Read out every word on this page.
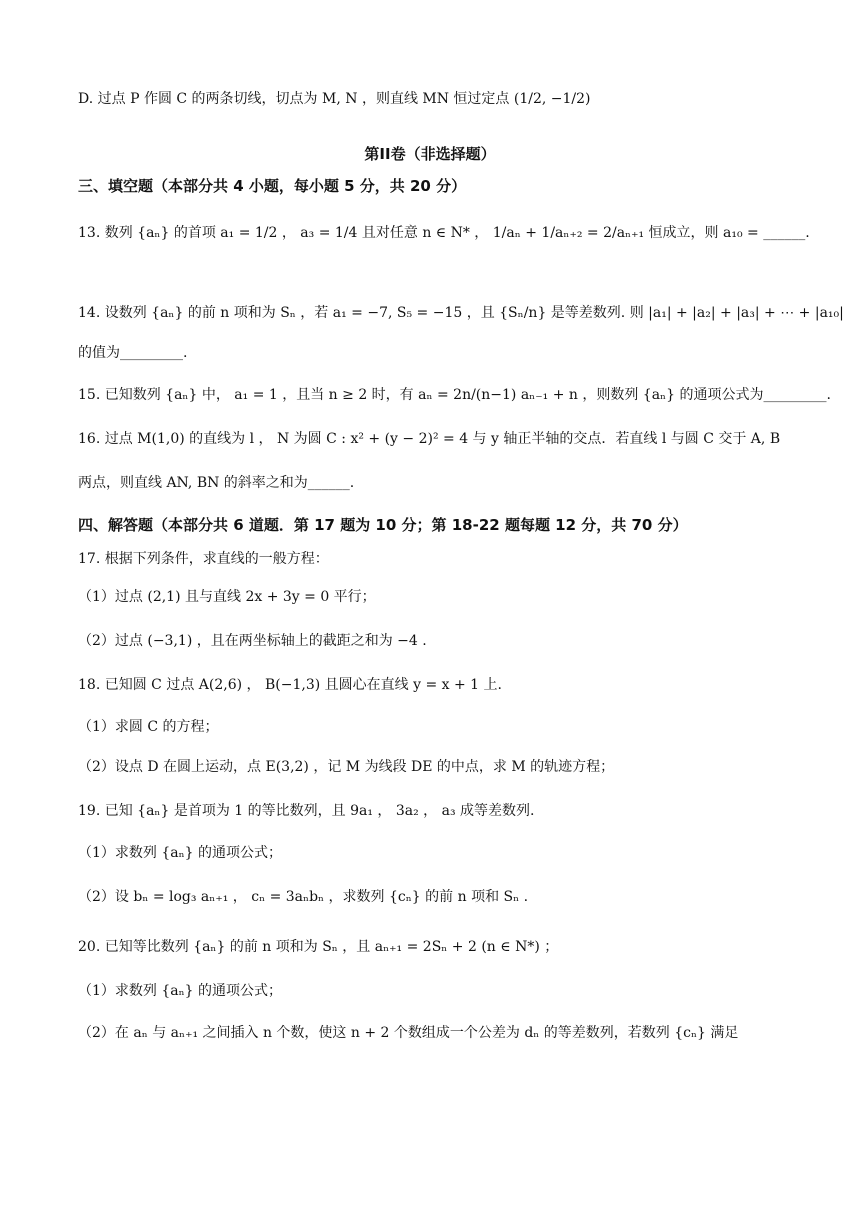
D. 过点 P 作圆 C 的两条切线，切点为 M, N ，则直线 MN 恒过定点 (1/2, −1/2)
第II卷（非选择题）
三、填空题（本部分共 4 小题，每小题 5 分，共 20 分）
13. 数列 {aₙ} 的首项 a₁ = 1/2 ， a₃ = 1/4 且对任意 n ∈ N* ， 1/aₙ + 1/aₙ₊₂ = 2/aₙ₊₁ 恒成立，则 a₁₀ = ______.
14. 设数列 {aₙ} 的前 n 项和为 Sₙ ，若 a₁ = −7, S₅ = −15 ，且 {Sₙ/n} 是等差数列. 则 |a₁| + |a₂| + |a₃| + ⋯ + |a₁₀|
的值为_________.
15. 已知数列 {aₙ} 中， a₁ = 1 ，且当 n ≥ 2 时，有 aₙ = 2n/(n−1) aₙ₋₁ + n ，则数列 {aₙ} 的通项公式为_________.
16. 过点 M(1,0) 的直线为 l ， N 为圆 C : x² + (y − 2)² = 4 与 y 轴正半轴的交点．若直线 l 与圆 C 交于 A, B
两点，则直线 AN, BN 的斜率之和为______.
四、解答题（本部分共 6 道题．第 17 题为 10 分；第 18-22 题每题 12 分，共 70 分）
17. 根据下列条件，求直线的一般方程：
（1）过点 (2,1) 且与直线 2x + 3y = 0 平行；
（2）过点 (−3,1) ，且在两坐标轴上的截距之和为 −4 .
18. 已知圆 C 过点 A(2,6) ， B(−1,3) 且圆心在直线 y = x + 1 上.
（1）求圆 C 的方程；
（2）设点 D 在圆上运动，点 E(3,2) ，记 M 为线段 DE 的中点，求 M 的轨迹方程；
19. 已知 {aₙ} 是首项为 1 的等比数列，且 9a₁ ， 3a₂ ， a₃ 成等差数列.
（1）求数列 {aₙ} 的通项公式；
（2）设 bₙ = log₃ aₙ₊₁ ， cₙ = 3aₙbₙ ，求数列 {cₙ} 的前 n 项和 Sₙ .
20. 已知等比数列 {aₙ} 的前 n 项和为 Sₙ ，且 aₙ₊₁ = 2Sₙ + 2 (n ∈ N*) ；
（1）求数列 {aₙ} 的通项公式；
（2）在 aₙ 与 aₙ₊₁ 之间插入 n 个数，使这 n + 2 个数组成一个公差为 dₙ 的等差数列，若数列 {cₙ} 满足
